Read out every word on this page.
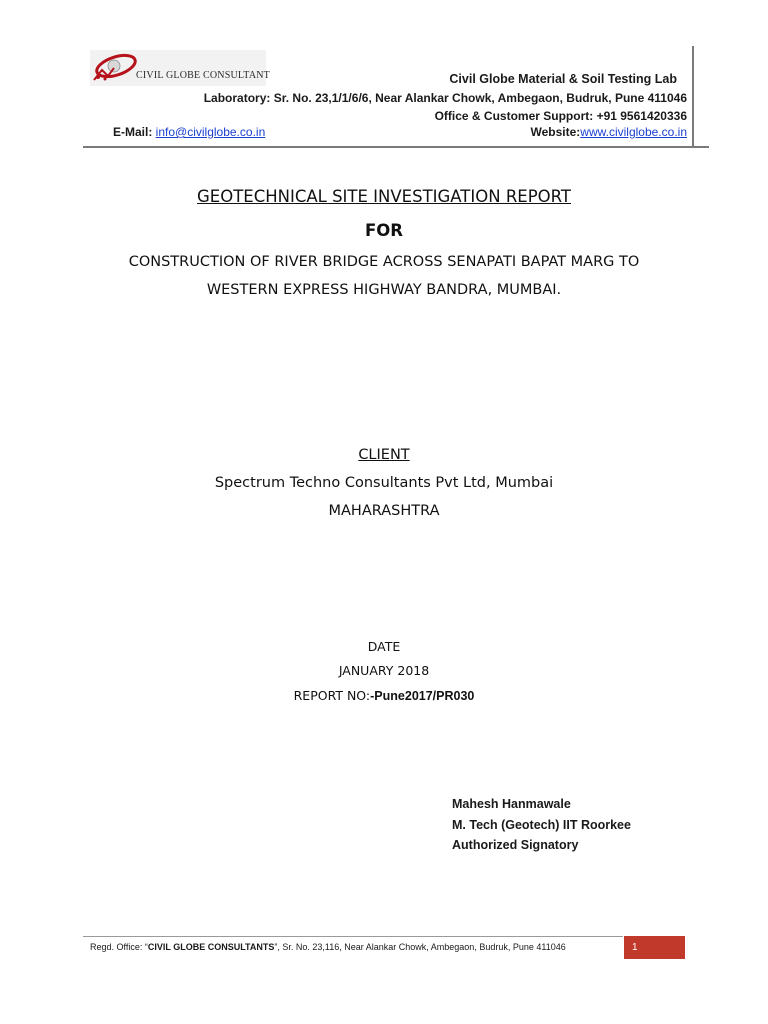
CIVIL GLOBE CONSULTANT	Civil Globe Material & Soil Testing Lab
Laboratory: Sr. No. 23,1/1/6/6, Near Alankar Chowk, Ambegaon, Budruk, Pune 411046
Office & Customer Support: +91 9561420336
E-Mail: info@civilglobe.co.in	Website:www.civilglobe.co.in
GEOTECHNICAL SITE INVESTIGATION REPORT
FOR
CONSTRUCTION OF RIVER BRIDGE ACROSS SENAPATI BAPAT MARG TO
WESTERN EXPRESS HIGHWAY BANDRA, MUMBAI.
CLIENT
Spectrum Techno Consultants Pvt Ltd, Mumbai
MAHARASHTRA
DATE
JANUARY 2018
REPORT NO:-Pune2017/PR030
Mahesh Hanmawale
M. Tech (Geotech) IIT Roorkee
Authorized Signatory
Regd. Office: “CIVIL GLOBE CONSULTANTS”, Sr. No. 23,116, Near Alankar Chowk, Ambegaon, Budruk, Pune 411046	1
